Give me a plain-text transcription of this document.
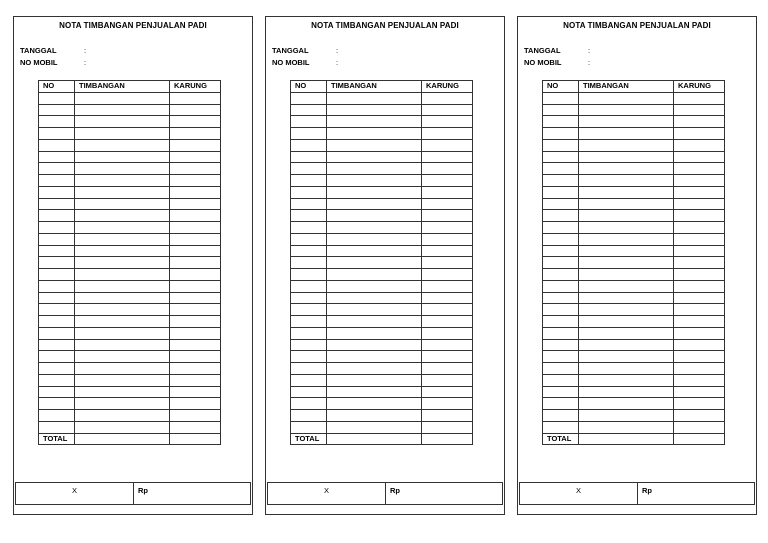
NOTA TIMBANGAN PENJUALAN PADI
TANGGAL	:
NO MOBIL	:
NO	TIMBANGAN	KARUNG

TOTAL		
X	Rp
NOTA TIMBANGAN PENJUALAN PADI
TANGGAL	:
NO MOBIL	:
NO	TIMBANGAN	KARUNG

TOTAL		
X	Rp
NOTA TIMBANGAN PENJUALAN PADI
TANGGAL	:
NO MOBIL	:
NO	TIMBANGAN	KARUNG

TOTAL		
X	Rp
